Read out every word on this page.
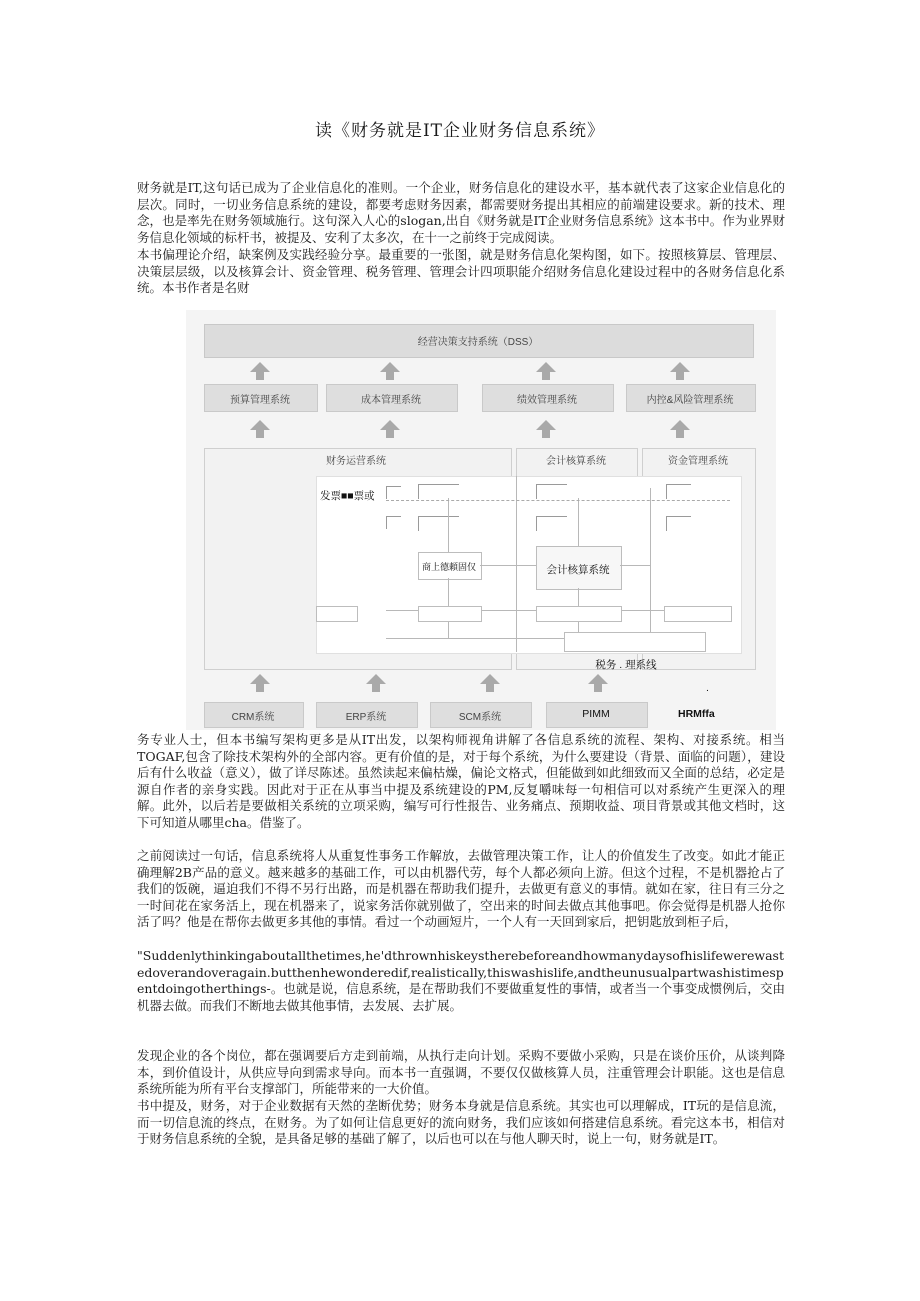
读《财务就是IT企业财务信息系统》

财务就是IT,这句话已成为了企业信息化的准则。一个企业，财务信息化的建设水平，基本就代表了这家企业信息化的层次。同时，一切业务信息系统的建设，都要考虑财务因素，都需要财务提出其相应的前端建设要求。新的技术、理念，也是率先在财务领域施行。这句深入人心的slogan,出自《财务就是IT企业财务信息系统》这本书中。作为业界财务信息化领域的标杆书，被提及、安利了太多次，在十一之前终于完成阅读。

本书偏理论介绍，缺案例及实践经验分享。最重要的一张图，就是财务信息化架构图，如下。按照核算层、管理层、决策层层级，以及核算会计、资金管理、税务管理、管理会计四项职能介绍财务信息化建设过程中的各财务信息化系统。本书作者是名财

经营决策支持系统（DSS）
预算管理系统	成本管理系统	绩效管理系统	内控&风险管理系统
财务运营系统	会计核算系统	资金管理系统
发票■■票或
商上德頼固仅	会计核算系统
税务 . 理系线
.
CRM系统	ERP系统	SCM系统	PIMM	HRMffa

务专业人士，但本书编写架构更多是从IT出发，以架构师视角讲解了各信息系统的流程、架构、对接系统。相当TOGAF,包含了除技术架构外的全部内容。更有价值的是，对于每个系统，为什么要建设（背景、面临的问题），建设后有什么收益（意义），做了详尽陈述。虽然读起来偏枯燥，偏论文格式，但能做到如此细致而又全面的总结，必定是源自作者的亲身实践。因此对于正在从事当中提及系统建设的PM,反复嚼味每一句相信可以对系统产生更深入的理解。此外，以后若是要做相关系统的立项采购，编写可行性报告、业务痛点、预期收益、项目背景或其他文档时，这下可知道从哪里cha。借鉴了。

之前阅读过一句话，信息系统将人从重复性事务工作解放，去做管理决策工作，让人的价值发生了改变。如此才能正确理解2B产品的意义。越来越多的基础工作，可以由机器代劳，每个人都必须向上游。但这个过程，不是机器抢占了我们的饭碗，逼迫我们不得不另行出路，而是机器在帮助我们提升，去做更有意义的事情。就如在家，往日有三分之一时间花在家务活上，现在机器来了，说家务活你就别做了，空出来的时间去做点其他事吧。你会觉得是机器人抢你活了吗？他是在帮你去做更多其他的事情。看过一个动画短片，一个人有一天回到家后，把钥匙放到柜子后，

"Suddenlythinkingaboutallthetimes,he'dthrownhiskeystherebeforeandhowmanydaysofhislifewerewastedoverandoveragain.butthenhewonderedif,realistically,thiswashislife,andtheunusualpartwashistimespentdoingotherthings-。也就是说，信息系统，是在帮助我们不要做重复性的事情，或者当一个事变成惯例后，交由机器去做。而我们不断地去做其他事情，去发展、去扩展。

发现企业的各个岗位，都在强调要后方走到前端，从执行走向计划。采购不要做小采购，只是在谈价压价，从谈判降本，到价值设计，从供应导向到需求导向。而本书一直强调，不要仅仅做核算人员，注重管理会计职能。这也是信息系统所能为所有平台支撑部门，所能带来的一大价值。

书中提及，财务，对于企业数据有天然的垄断优势；财务本身就是信息系统。其实也可以理解成，IT玩的是信息流，而一切信息流的终点，在财务。为了如何让信息更好的流向财务，我们应该如何搭建信息系统。看完这本书，相信对于财务信息系统的全貌，是具备足够的基础了解了，以后也可以在与他人聊天时，说上一句，财务就是IT。
